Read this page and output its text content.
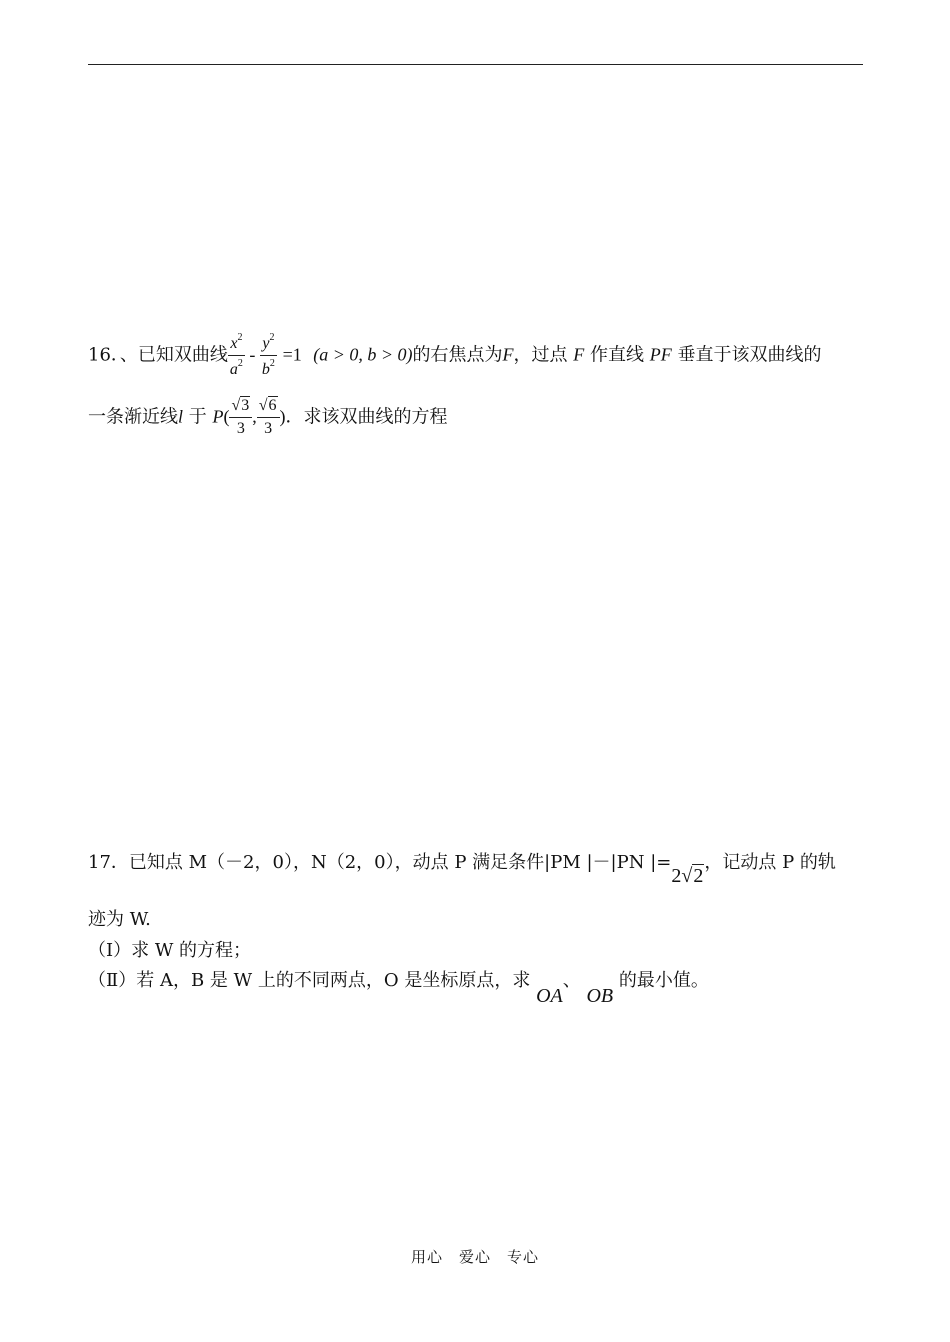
16．、已知双曲线 $\frac{x^2}{a^2} - \frac{y^2}{b^2} =1$ (a > 0, b > 0)的右焦点为F，过点 F 作直线 PF 垂直于该双曲线的
一条渐近线l 于 $P( \frac{√3}{3}$ , $\frac{√6}{3}$ )．求该双曲线的方程
17．已知点 M（－2，0），N（2，0），动点 P 满足条件|PM |－|PN |=2√2，记动点 P 的轨
迹为 W.
（Ⅰ）求 W 的方程；
（Ⅱ）若 A，B 是 W 上的不同两点，O 是坐标原点，求 OA、 OB 的最小值。
用心　爱心　专心
